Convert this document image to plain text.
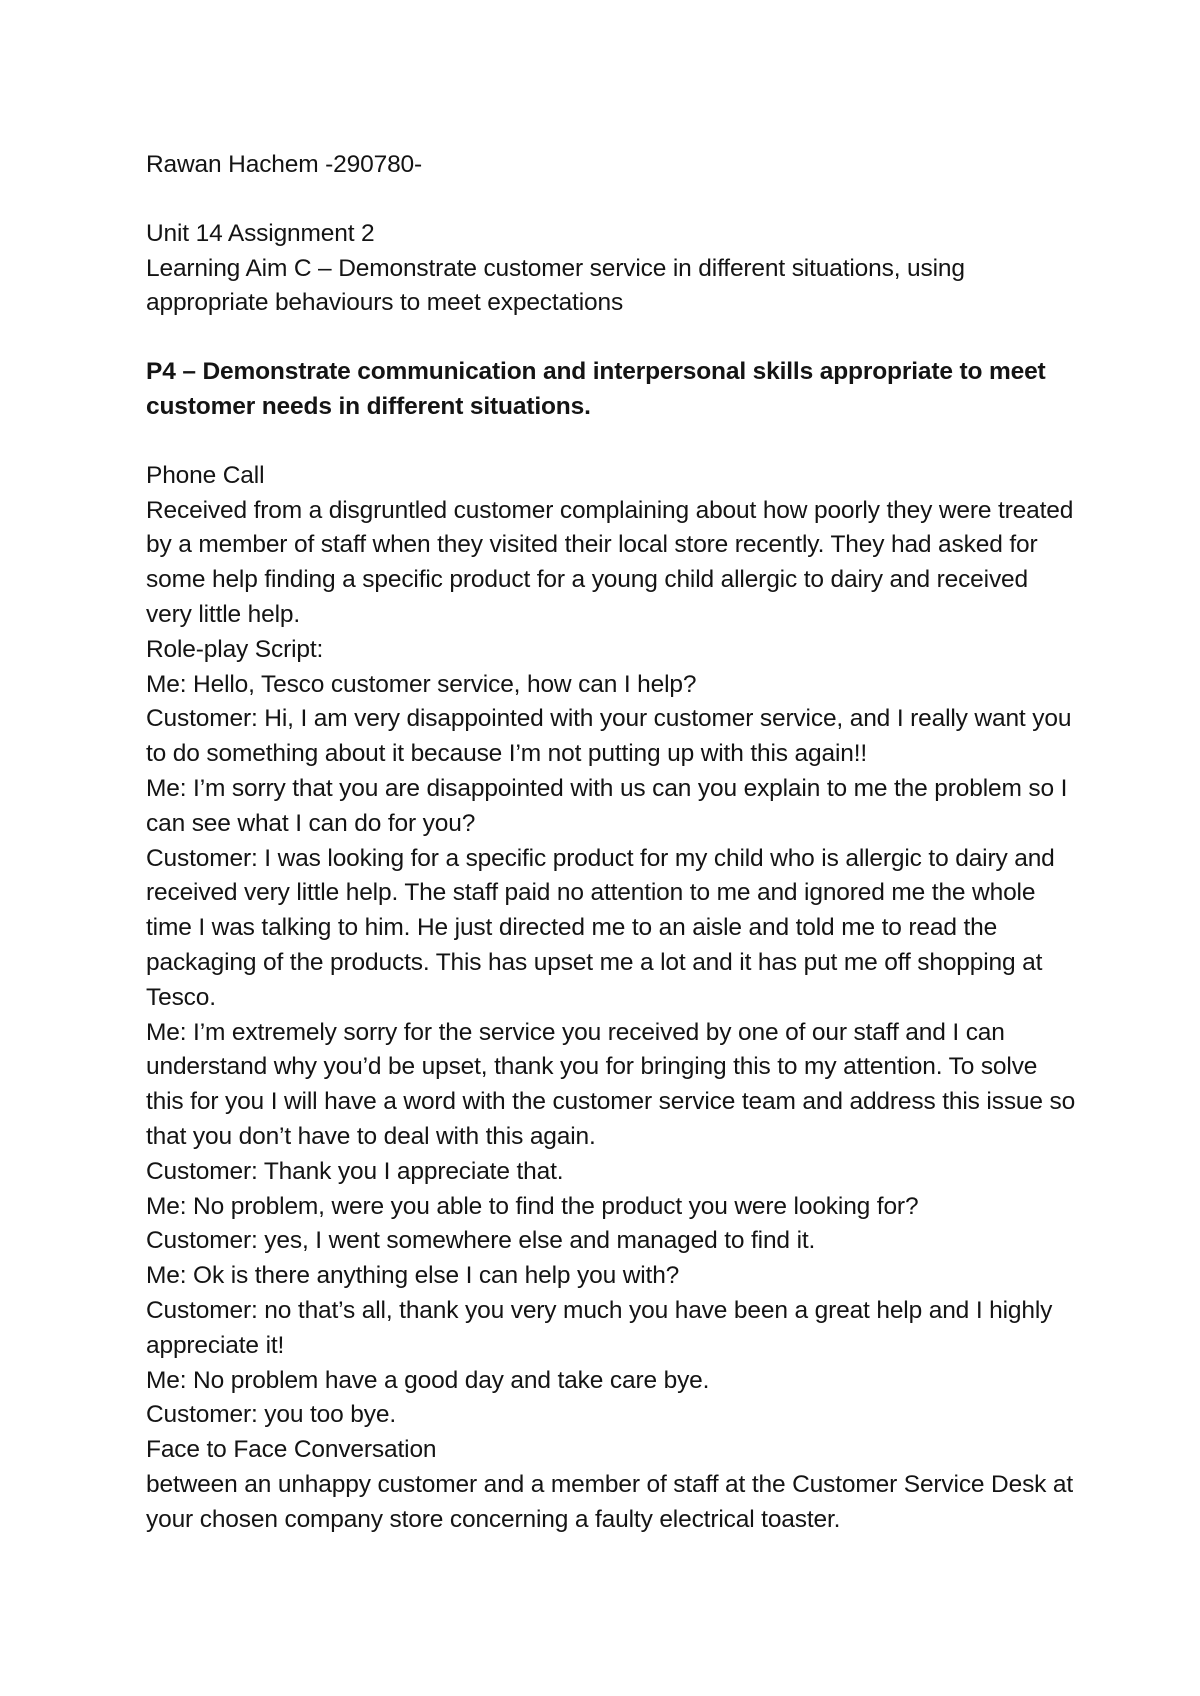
Rawan Hachem -290780-

Unit 14 Assignment 2

Learning Aim C – Demonstrate customer service in different situations, using appropriate behaviours to meet expectations

P4 – Demonstrate communication and interpersonal skills appropriate to meet customer needs in different situations.

Phone Call

Received from a disgruntled customer complaining about how poorly they were treated by a member of staff when they visited their local store recently. They had asked for some help finding a specific product for a young child allergic to dairy and received very little help.

Role-play Script:

Me: Hello, Tesco customer service, how can I help?

Customer: Hi, I am very disappointed with your customer service, and I really want you to do something about it because I’m not putting up with this again!!

Me: I’m sorry that you are disappointed with us can you explain to me the problem so I can see what I can do for you?

Customer: I was looking for a specific product for my child who is allergic to dairy and received very little help. The staff paid no attention to me and ignored me the whole time I was talking to him. He just directed me to an aisle and told me to read the packaging of the products. This has upset me a lot and it has put me off shopping at Tesco.

Me: I’m extremely sorry for the service you received by one of our staff and I can understand why you’d be upset, thank you for bringing this to my attention. To solve this for you I will have a word with the customer service team and address this issue so that you don’t have to deal with this again.

Customer: Thank you I appreciate that.

Me: No problem, were you able to find the product you were looking for?

Customer: yes, I went somewhere else and managed to find it.

Me: Ok is there anything else I can help you with?

Customer: no that’s all, thank you very much you have been a great help and I highly appreciate it!

Me: No problem have a good day and take care bye.

Customer: you too bye.

Face to Face Conversation

between an unhappy customer and a member of staff at the Customer Service Desk at your chosen company store concerning a faulty electrical toaster.
